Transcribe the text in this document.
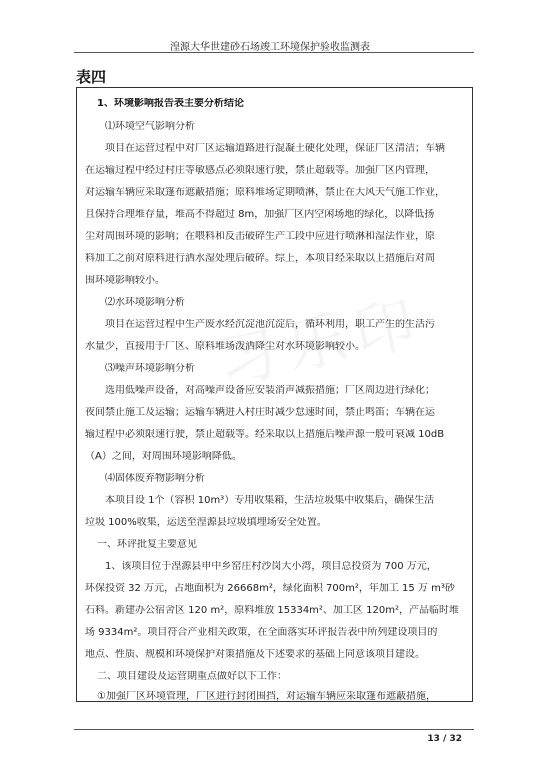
湟源大华世建砂石场竣工环境保护验收监测表
表四
1、环境影响报告表主要分析结论
⑴环境空气影响分析
项目在运营过程中对厂区运输道路进行混凝土硬化处理，保证厂区清洁；车辆
在运输过程中经过村庄等敏感点必须限速行驶，禁止超载等。加强厂区内管理，
对运输车辆应采取篷布遮蔽措施；原料堆场定期喷淋，禁止在大风天气施工作业，
且保持合理堆存量，堆高不得超过 8m，加强厂区内空闲场地的绿化，以降低扬
尘对周围环境的影响；在喂料和反击破碎生产工段中应进行喷淋和湿法作业，原
料加工之前对原料进行洒水湿处理后破碎。综上，本项目经采取以上措施后对周
围环境影响较小。
⑵水环境影响分析
项目在运营过程中生产废水经沉淀池沉淀后，循环利用，职工产生的生活污
水量少，直接用于厂区、原料堆场泼洒降尘对水环境影响较小。
⑶噪声环境影响分析
选用低噪声设备，对高噪声设备应安装消声减振措施；厂区周边进行绿化；
夜间禁止施工及运输；运输车辆进入村庄时减少怠速时间，禁止鸣笛；车辆在运
输过程中必须限速行驶，禁止超载等。经采取以上措施后噪声源一般可衰减 10dB
（A）之间，对周围环境影响降低。
⑷固体废弃物影响分析
本项目设 1个（容积 10m³）专用收集箱，生活垃圾集中收集后，确保生活
垃圾 100%收集，运送至湟源县垃圾填埋场安全处置。
一、环评批复主要意见
1、该项目位于湟源县申中乡窑庄村沙岗大小湾，项目总投资为 700 万元，
环保投资 32 万元，占地面积为 26668m²，绿化面积 700m²，年加工 15 万 m³砂
石料。新建办公宿舍区 120 m²，原料堆放 15334m²、加工区 120m²，产品临时堆
场 9334m²。项目符合产业相关政策，在全面落实环评报告表中所列建设项目的
地点、性质、规模和环境保护对策措施及下述要求的基础上同意该项目建设。
二、项目建设及运营期重点做好以下工作：
①加强厂区环境管理，厂区进行封闭围挡，对运输车辆应采取篷布遮蔽措施，
13 / 32
